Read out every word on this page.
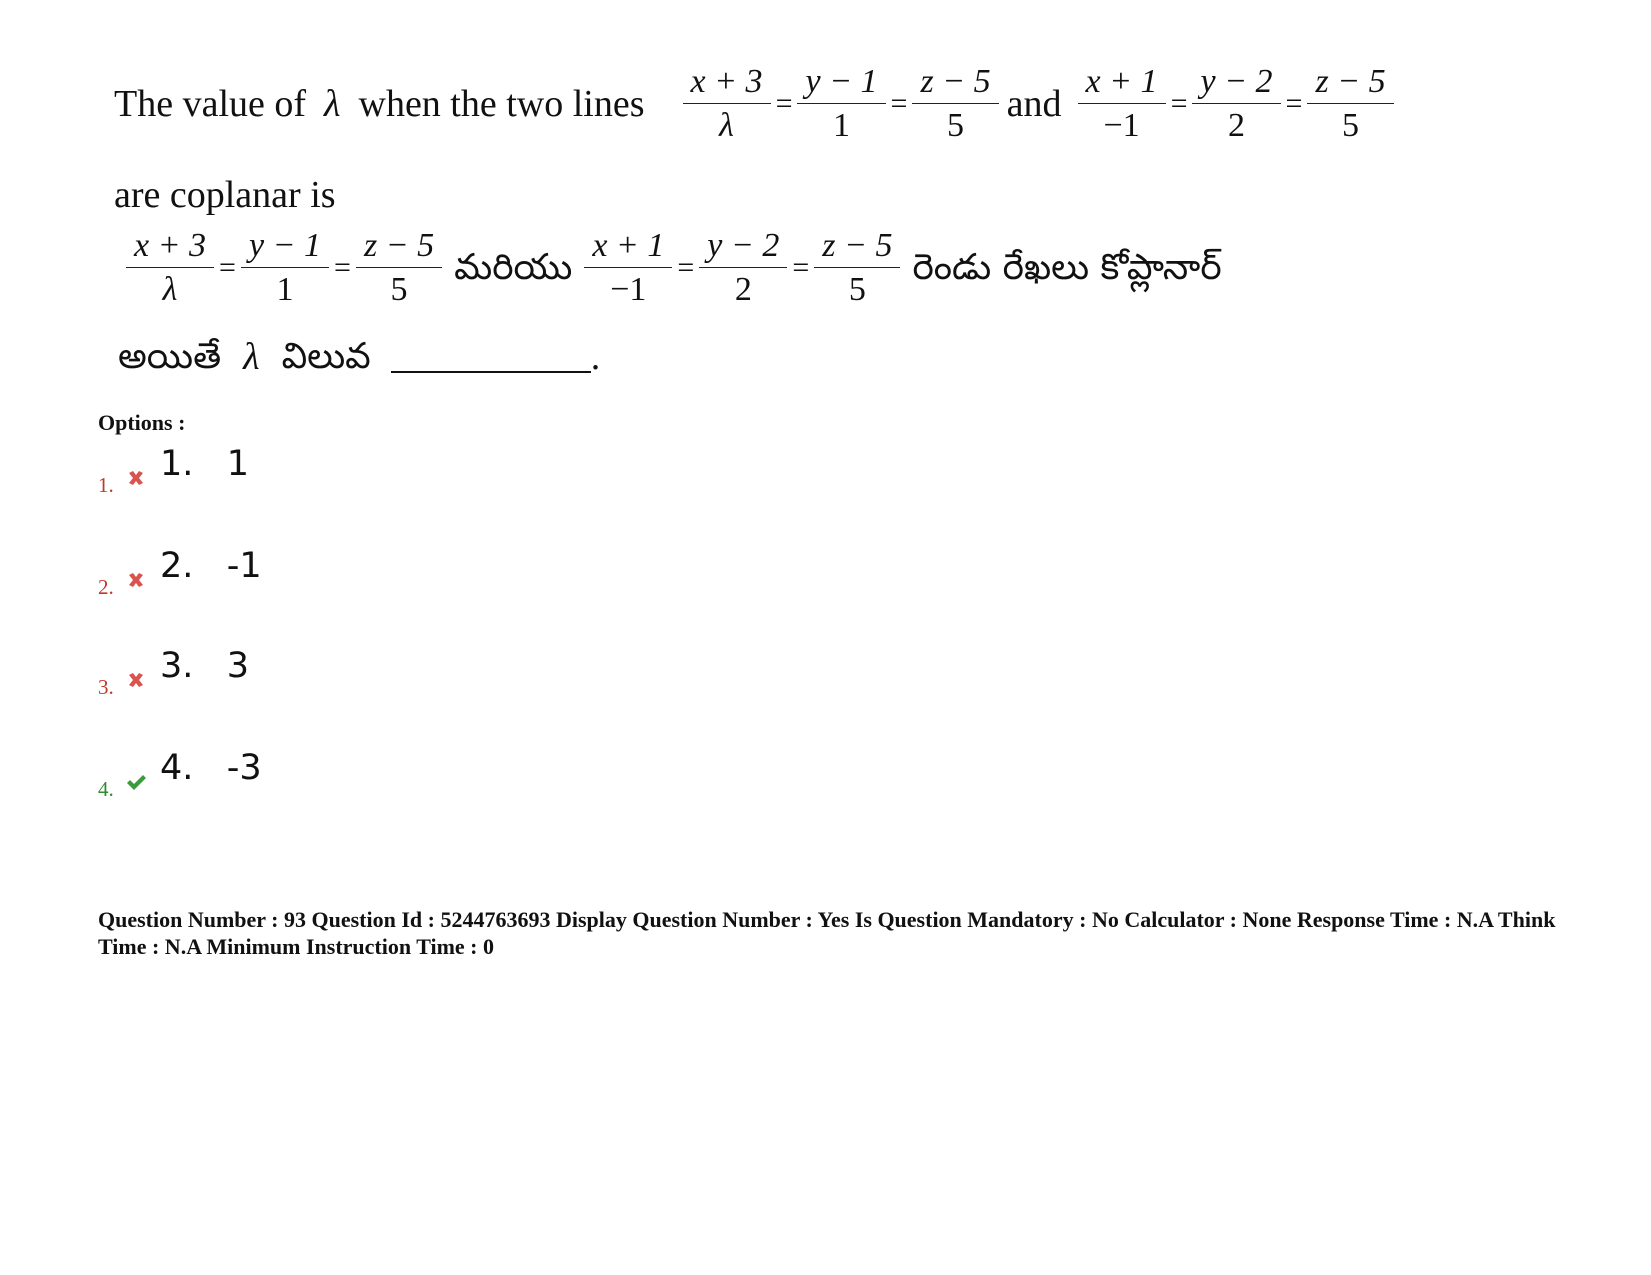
The value of λ when the two lines $\frac{x + 3}{\lambda} = \frac{y - 1}{1} = \frac{z - 5}{5}$ and $\frac{x + 1}{-1} = \frac{y - 2}{2} = \frac{z - 5}{5}$
are coplanar is
$\frac{x + 3}{\lambda} = \frac{y - 1}{1} = \frac{z - 5}{5}$ మరియు $\frac{x + 1}{-1} = \frac{y - 2}{2} = \frac{z - 5}{5}$ రెండు రేఖలు కోప్లానార్
అయితే λ విలువ	.
Options :
1.
1.   1
2.
2.   -1
3.
3.   3
4.
4.   -3
Question Number : 93 Question Id : 5244763693 Display Question Number : Yes Is Question Mandatory : No Calculator : None Response Time : N.A Think Time : N.A Minimum Instruction Time : 0
